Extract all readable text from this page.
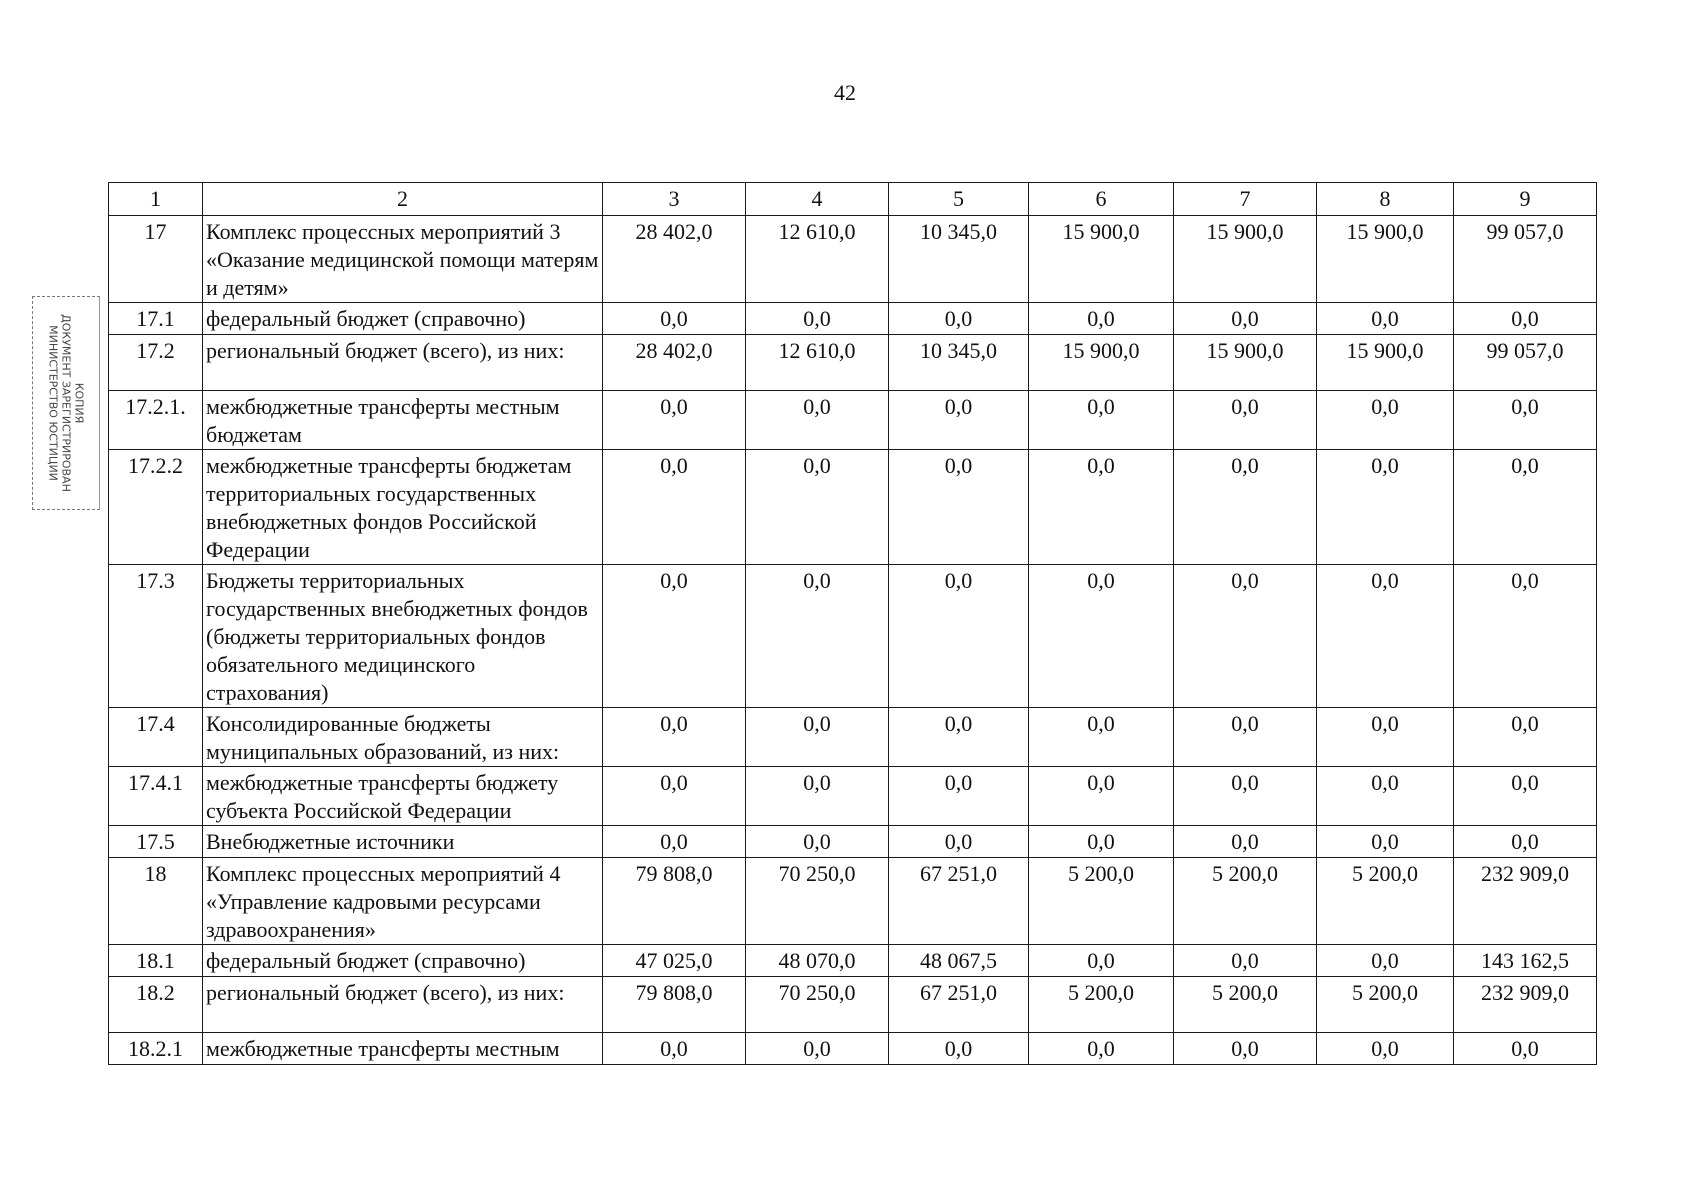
42
КОПИЯ
ДОКУМЕНТ ЗАРЕГИСТРИРОВАН
МИНИСТЕРСТВО ЮСТИЦИИ
1	2	3	4	5	6	7	8	9
17	Комплекс процессных мероприятий 3 «Оказание медицинской помощи матерям и детям»	28 402,0	12 610,0	10 345,0	15 900,0	15 900,0	15 900,0	99 057,0
17.1	федеральный бюджет (справочно)	0,0	0,0	0,0	0,0	0,0	0,0	0,0
17.2	региональный бюджет (всего), из них:	28 402,0	12 610,0	10 345,0	15 900,0	15 900,0	15 900,0	99 057,0
17.2.1.	межбюджетные трансферты местным бюджетам	0,0	0,0	0,0	0,0	0,0	0,0	0,0
17.2.2	межбюджетные трансферты бюджетам территориальных государственных внебюджетных фондов Российской Федерации	0,0	0,0	0,0	0,0	0,0	0,0	0,0
17.3	Бюджеты территориальных государственных внебюджетных фондов (бюджеты территориальных фондов обязательного медицинского страхования)	0,0	0,0	0,0	0,0	0,0	0,0	0,0
17.4	Консолидированные бюджеты муниципальных образований, из них:	0,0	0,0	0,0	0,0	0,0	0,0	0,0
17.4.1	межбюджетные трансферты бюджету субъекта Российской Федерации	0,0	0,0	0,0	0,0	0,0	0,0	0,0
17.5	Внебюджетные источники	0,0	0,0	0,0	0,0	0,0	0,0	0,0
18	Комплекс процессных мероприятий 4 «Управление кадровыми ресурсами здравоохранения»	79 808,0	70 250,0	67 251,0	5 200,0	5 200,0	5 200,0	232 909,0
18.1	федеральный бюджет (справочно)	47 025,0	48 070,0	48 067,5	0,0	0,0	0,0	143 162,5
18.2	региональный бюджет (всего), из них:	79 808,0	70 250,0	67 251,0	5 200,0	5 200,0	5 200,0	232 909,0
18.2.1	межбюджетные трансферты местным	0,0	0,0	0,0	0,0	0,0	0,0	0,0
